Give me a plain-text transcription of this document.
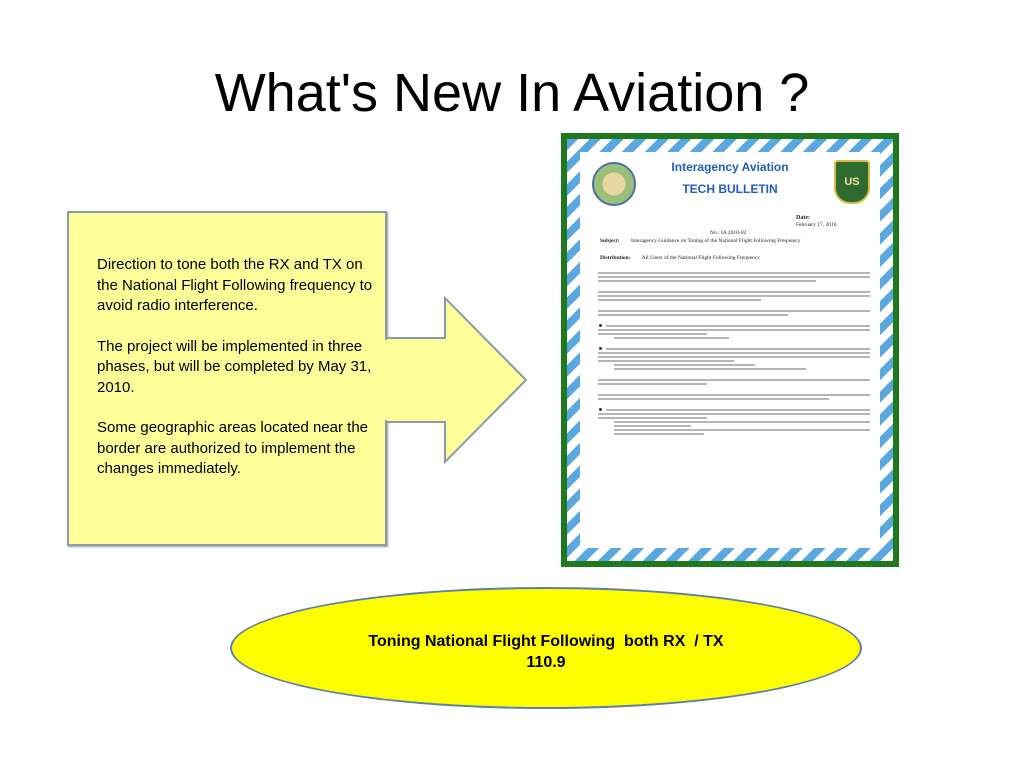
What's New In Aviation ?

Direction to tone both the RX and TX on the National Flight Following frequency to avoid radio interference.

The project will be implemented in three phases, but will be completed by May 31, 2010.

Some geographic areas located near the border are authorized to implement the changes immediately.

US
Interagency Aviation
TECH BULLETIN
Date:
February 17, 2010
No.: IA 2010-02
Subject: Interagency Guidance on Toning of the National Flight Following Frequency
Distribution: All Users of the National Flight Following Frequency
Toning National Flight Following  both RX  / TX
110.9
